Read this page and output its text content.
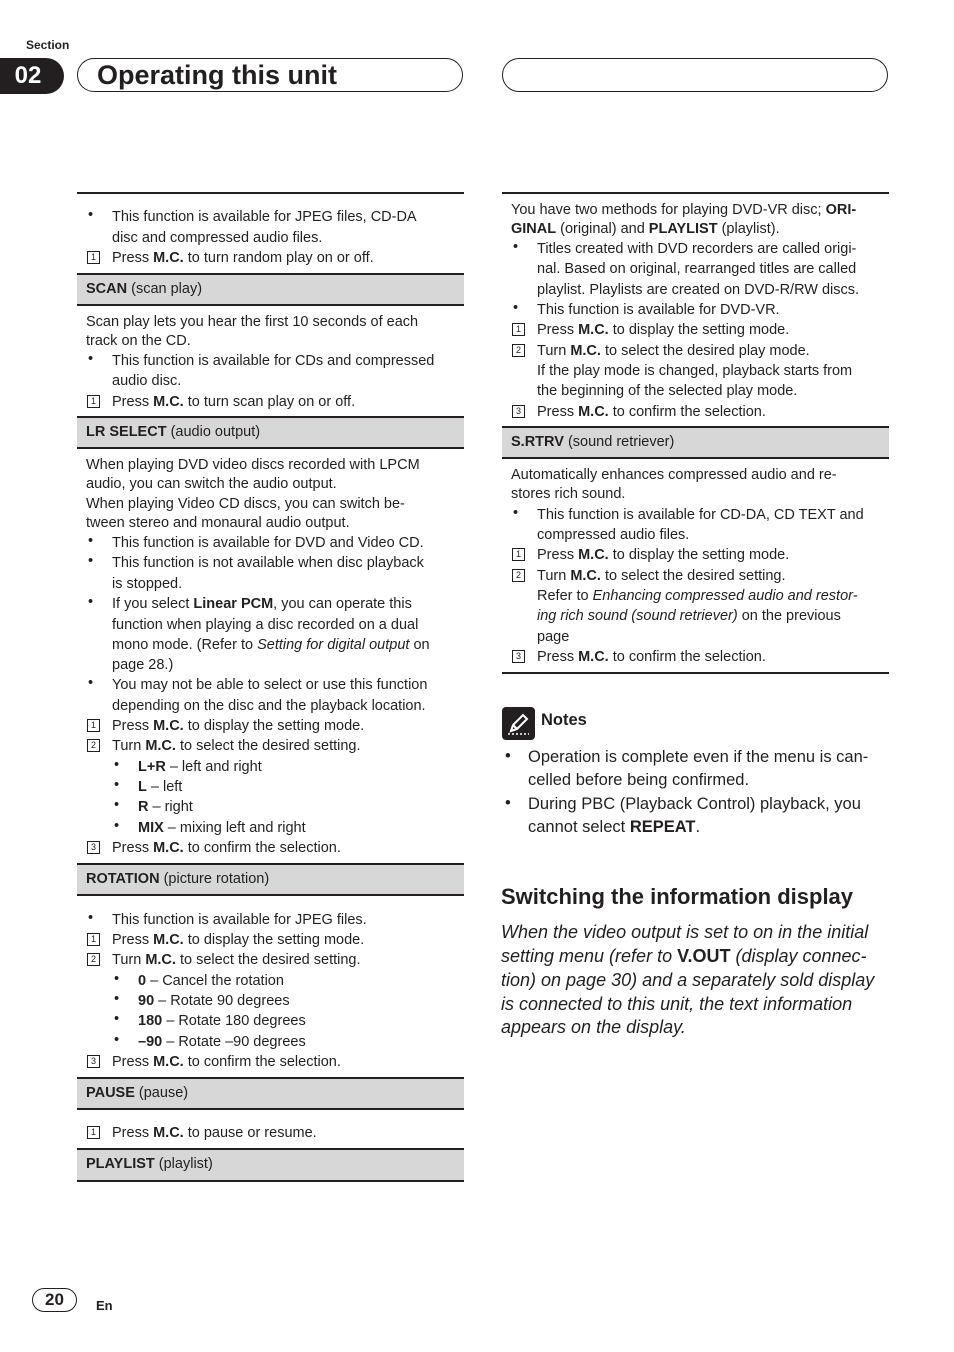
Section
02	Operating this unit
• This function is available for JPEG files, CD-DA
disc and compressed audio files.
1 Press M.C. to turn random play on or off.
SCAN (scan play)
Scan play lets you hear the first 10 seconds of each
track on the CD.
• This function is available for CDs and compressed
audio disc.
1 Press M.C. to turn scan play on or off.
LR SELECT (audio output)
When playing DVD video discs recorded with LPCM
audio, you can switch the audio output.
When playing Video CD discs, you can switch be-
tween stereo and monaural audio output.
• This function is available for DVD and Video CD.
• This function is not available when disc playback
is stopped.
• If you select Linear PCM, you can operate this
function when playing a disc recorded on a dual
mono mode. (Refer to Setting for digital output on
page 28.)
• You may not be able to select or use this function
depending on the disc and the playback location.
1 Press M.C. to display the setting mode.
2 Turn M.C. to select the desired setting.
• L+R – left and right
• L – left
• R – right
• MIX – mixing left and right
3 Press M.C. to confirm the selection.
ROTATION (picture rotation)
• This function is available for JPEG files.
1 Press M.C. to display the setting mode.
2 Turn M.C. to select the desired setting.
• 0 – Cancel the rotation
• 90 – Rotate 90 degrees
• 180 – Rotate 180 degrees
• –90 – Rotate –90 degrees
3 Press M.C. to confirm the selection.
PAUSE (pause)
1 Press M.C. to pause or resume.
PLAYLIST (playlist)
You have two methods for playing DVD-VR disc; ORI-
GINAL (original) and PLAYLIST (playlist).
• Titles created with DVD recorders are called origi-
nal. Based on original, rearranged titles are called
playlist. Playlists are created on DVD-R/RW discs.
• This function is available for DVD-VR.
1 Press M.C. to display the setting mode.
2 Turn M.C. to select the desired play mode.
If the play mode is changed, playback starts from
the beginning of the selected play mode.
3 Press M.C. to confirm the selection.
S.RTRV (sound retriever)
Automatically enhances compressed audio and re-
stores rich sound.
• This function is available for CD-DA, CD TEXT and
compressed audio files.
1 Press M.C. to display the setting mode.
2 Turn M.C. to select the desired setting.
Refer to Enhancing compressed audio and restor-
ing rich sound (sound retriever) on the previous
page
3 Press M.C. to confirm the selection.
Notes
• Operation is complete even if the menu is can-
celled before being confirmed.
• During PBC (Playback Control) playback, you
cannot select REPEAT.
Switching the information display
When the video output is set to on in the initial
setting menu (refer to V.OUT (display connec-
tion) on page 30) and a separately sold display
is connected to this unit, the text information
appears on the display.
20	En
